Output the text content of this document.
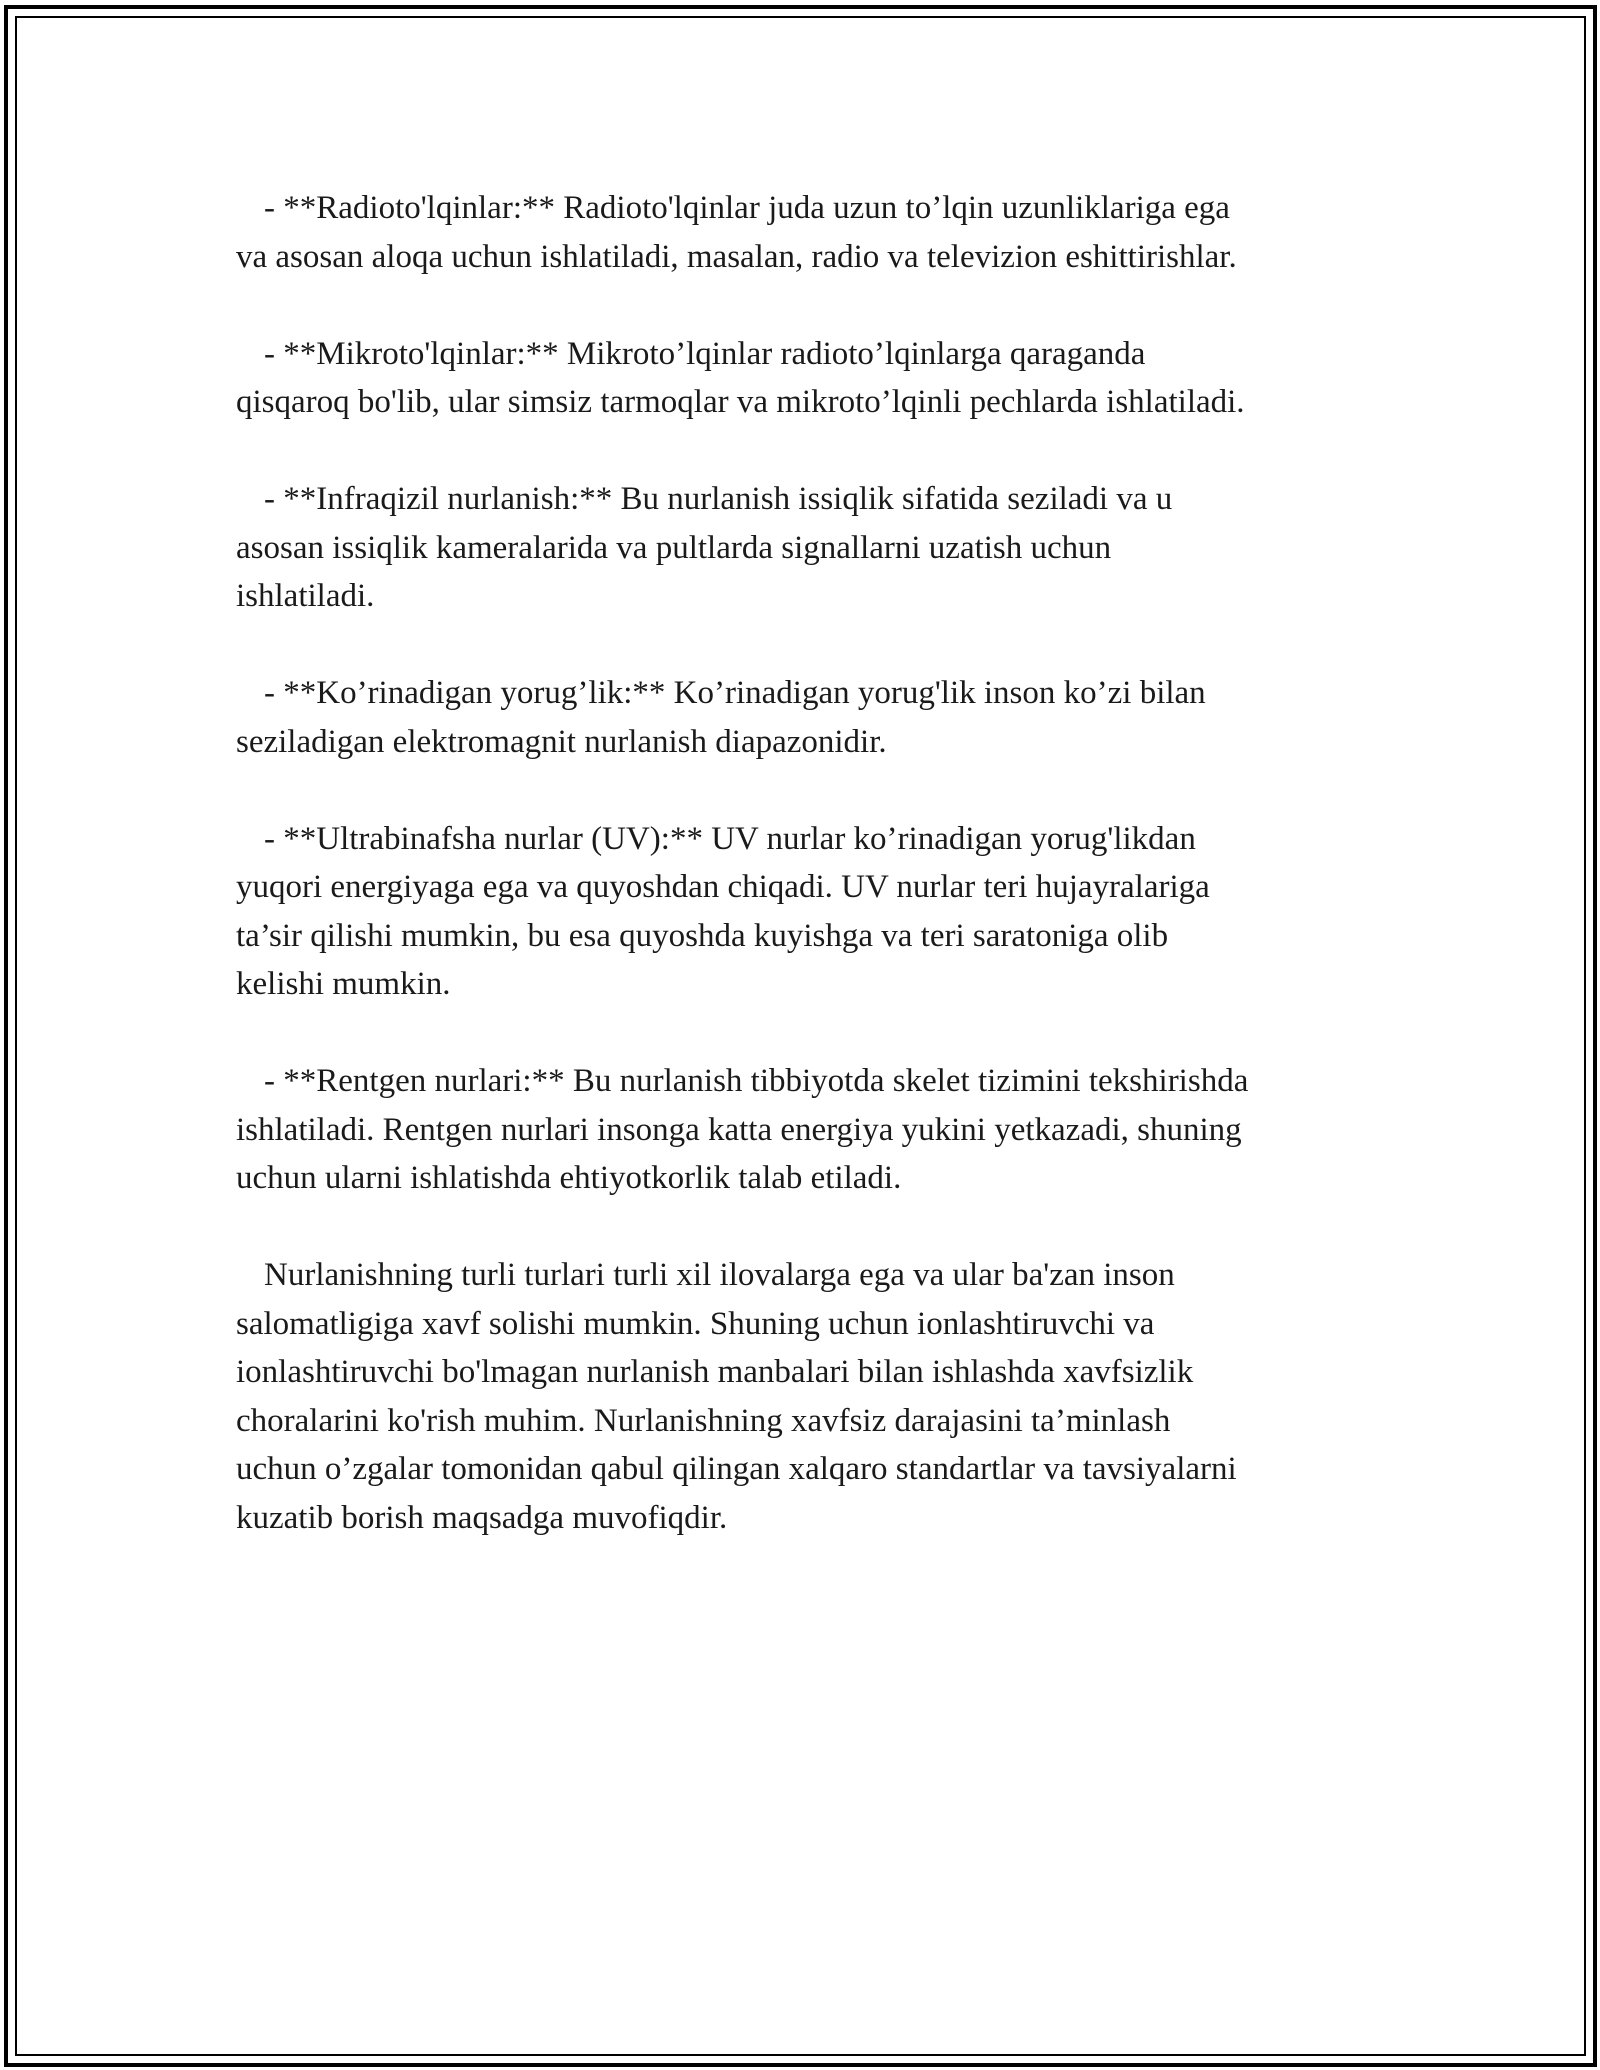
- **Radioto'lqinlar:** Radioto'lqinlar juda uzun to’lqin uzunliklariga ega
va asosan aloqa uchun ishlatiladi, masalan, radio va televizion eshittirishlar.

- **Mikroto'lqinlar:** Mikroto’lqinlar radioto’lqinlarga qaraganda
qisqaroq bo'lib, ular simsiz tarmoqlar va mikroto’lqinli pechlarda ishlatiladi.

- **Infraqizil nurlanish:** Bu nurlanish issiqlik sifatida seziladi va u
asosan issiqlik kameralarida va pultlarda signallarni uzatish uchun
ishlatiladi.

- **Ko’rinadigan yorug’lik:** Ko’rinadigan yorug'lik inson ko’zi bilan
seziladigan elektromagnit nurlanish diapazonidir.

- **Ultrabinafsha nurlar (UV):** UV nurlar ko’rinadigan yorug'likdan
yuqori energiyaga ega va quyoshdan chiqadi. UV nurlar teri hujayralariga
ta’sir qilishi mumkin, bu esa quyoshda kuyishga va teri saratoniga olib
kelishi mumkin.

- **Rentgen nurlari:** Bu nurlanish tibbiyotda skelet tizimini tekshirishda
ishlatiladi. Rentgen nurlari insonga katta energiya yukini yetkazadi, shuning
uchun ularni ishlatishda ehtiyotkorlik talab etiladi.

Nurlanishning turli turlari turli xil ilovalarga ega va ular ba'zan inson
salomatligiga xavf solishi mumkin. Shuning uchun ionlashtiruvchi va
ionlashtiruvchi bo'lmagan nurlanish manbalari bilan ishlashda xavfsizlik
choralarini ko'rish muhim. Nurlanishning xavfsiz darajasini ta’minlash
uchun o’zgalar tomonidan qabul qilingan xalqaro standartlar va tavsiyalarni
kuzatib borish maqsadga muvofiqdir.
